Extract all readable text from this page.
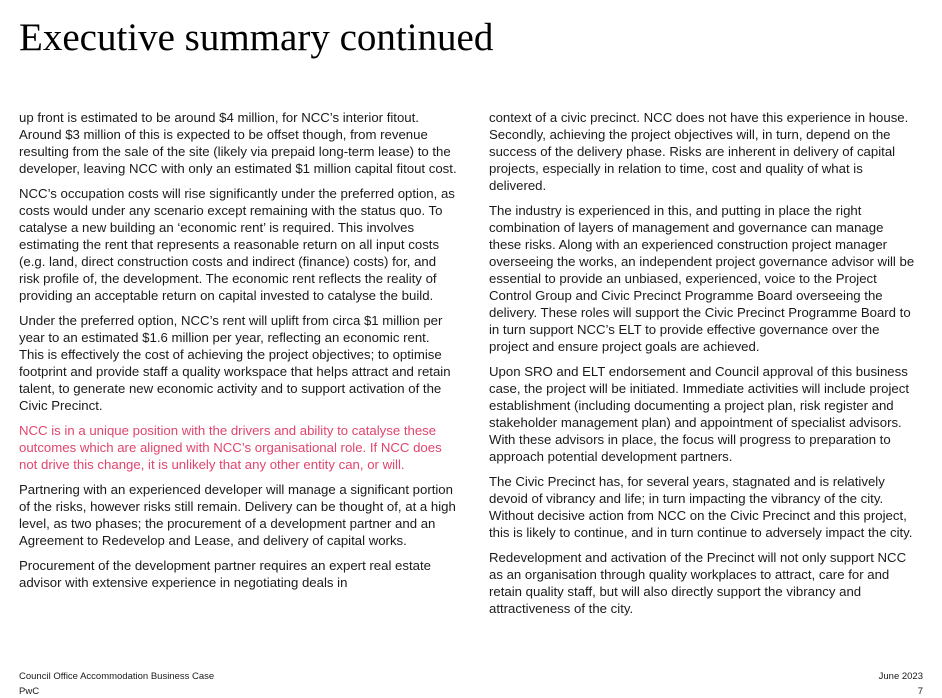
Executive summary continued

up front is estimated to be around $4 million, for NCC’s interior fitout. Around $3 million of this is expected to be offset though, from revenue resulting from the sale of the site (likely via prepaid long-term lease) to the developer, leaving NCC with only an estimated $1 million capital fitout cost.

NCC’s occupation costs will rise significantly under the preferred option, as costs would under any scenario except remaining with the status quo. To catalyse a new building an ‘economic rent’ is required. This involves estimating the rent that represents a reasonable return on all input costs (e.g. land, direct construction costs and indirect (finance) costs) for, and risk profile of, the development. The economic rent reflects the reality of providing an acceptable return on capital invested to catalyse the build.

Under the preferred option, NCC’s rent will uplift from circa $1 million per year to an estimated $1.6 million per year, reflecting an economic rent. This is effectively the cost of achieving the project objectives; to optimise footprint and provide staff a quality workspace that helps attract and retain talent, to generate new economic activity and to support activation of the Civic Precinct.

NCC is in a unique position with the drivers and ability to catalyse these outcomes which are aligned with NCC’s organisational role. If NCC does not drive this change, it is unlikely that any other entity can, or will.

Partnering with an experienced developer will manage a significant portion of the risks, however risks still remain. Delivery can be thought of, at a high level, as two phases; the procurement of a development partner and an Agreement to Redevelop and Lease, and delivery of capital works.

Procurement of the development partner requires an expert real estate advisor with extensive experience in negotiating deals in

context of a civic precinct. NCC does not have this experience in house. Secondly, achieving the project objectives will, in turn, depend on the success of the delivery phase. Risks are inherent in delivery of capital projects, especially in relation to time, cost and quality of what is delivered.

The industry is experienced in this, and putting in place the right combination of layers of management and governance can manage these risks. Along with an experienced construction project manager overseeing the works, an independent project governance advisor will be essential to provide an unbiased, experienced, voice to the Project Control Group and Civic Precinct Programme Board overseeing the delivery. These roles will support the Civic Precinct Programme Board to in turn support NCC’s ELT to provide effective governance over the project and ensure project goals are achieved.

Upon SRO and ELT endorsement and Council approval of this business case, the project will be initiated. Immediate activities will include project establishment (including documenting a project plan, risk register and stakeholder management plan) and appointment of specialist advisors. With these advisors in place, the focus will progress to preparation to approach potential development partners.

The Civic Precinct has, for several years, stagnated and is relatively devoid of vibrancy and life; in turn impacting the vibrancy of the city. Without decisive action from NCC on the Civic Precinct and this project, this is likely to continue, and in turn continue to adversely impact the city.

Redevelopment and activation of the Precinct will not only support NCC as an organisation through quality workplaces to attract, care for and retain quality staff, but will also directly support the vibrancy and attractiveness of the city.

Council Office Accommodation Business Case	June 2023
PwC	7
